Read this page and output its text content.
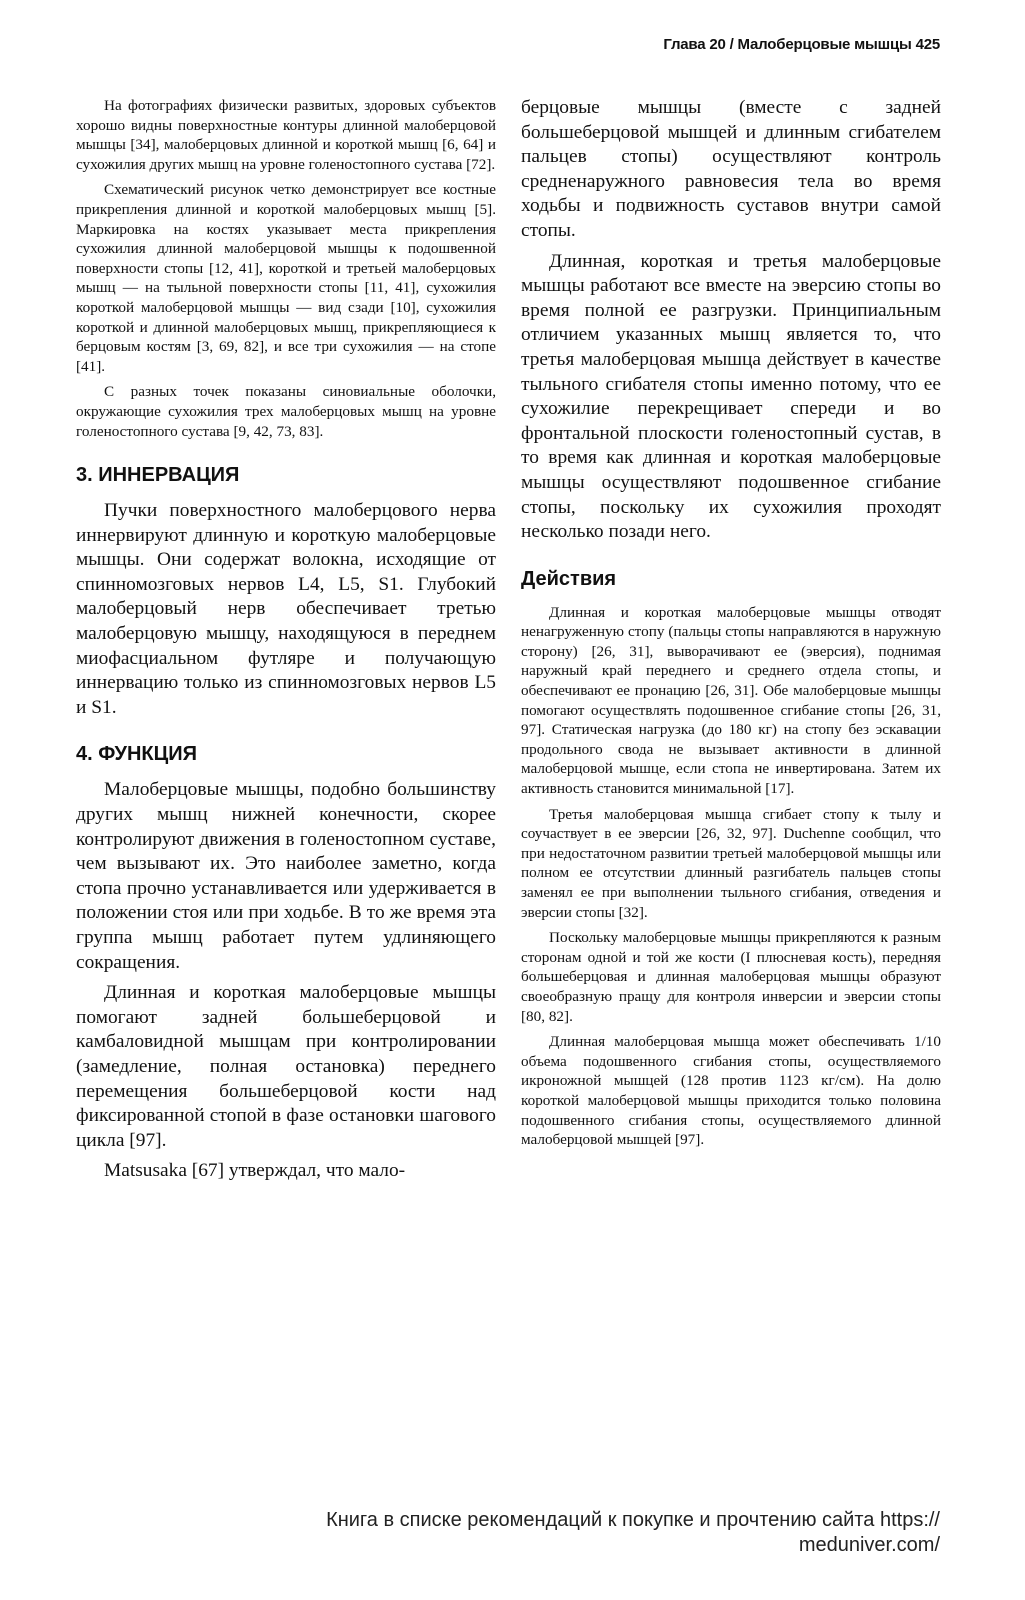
Глава 20 / Малоберцовые мышцы 425

На фотографиях физически развитых, здоровых субъектов хорошо видны поверхностные контуры длинной малоберцовой мышцы [34], малоберцовых длинной и короткой мышц [6, 64] и сухожилия других мышц на уровне голеностопного сустава [72].

Схематический рисунок четко демонстрирует все костные прикрепления длинной и короткой малоберцовых мышц [5]. Маркировка на костях указывает места прикрепления сухожилия длинной малоберцовой мышцы к подошвенной поверхности стопы [12, 41], короткой и третьей малоберцовых мышц — на тыльной поверхности стопы [11, 41], сухожилия короткой малоберцовой мышцы — вид сзади [10], сухожилия короткой и длинной малоберцовых мышц, прикрепляющиеся к берцовым костям [3, 69, 82], и все три сухожилия — на стопе [41].

С разных точек показаны синовиальные оболочки, окружающие сухожилия трех малоберцовых мышц на уровне голеностопного сустава [9, 42, 73, 83].

3. ИННЕРВАЦИЯ

Пучки поверхностного малоберцового нерва иннервируют длинную и короткую малоберцовые мышцы. Они содержат волокна, исходящие от спинномозговых нервов L4, L5, S1. Глубокий малоберцовый нерв обеспечивает третью малоберцовую мышцу, находящуюся в переднем миофасциальном футляре и получающую иннервацию только из спинномозговых нервов L5 и S1.

4. ФУНКЦИЯ

Малоберцовые мышцы, подобно большинству других мышц нижней конечности, скорее контролируют движения в голеностопном суставе, чем вызывают их. Это наиболее заметно, когда стопа прочно устанавливается или удерживается в положении стоя или при ходьбе. В то же время эта группа мышц работает путем удлиняющего сокращения.

Длинная и короткая малоберцовые мышцы помогают задней большеберцовой и камбаловидной мышцам при контролировании (замедление, полная остановка) переднего перемещения большеберцовой кости над фиксированной стопой в фазе остановки шагового цикла [97].

Matsusaka [67] утверждал, что мало-

берцовые мышцы (вместе с задней большеберцовой мышцей и длинным сгибателем пальцев стопы) осуществляют контроль средненаружного равновесия тела во время ходьбы и подвижность суставов внутри самой стопы.

Длинная, короткая и третья малоберцовые мышцы работают все вместе на эверсию стопы во время полной ее разгрузки. Принципиальным отличием указанных мышц является то, что третья малоберцовая мышца действует в качестве тыльного сгибателя стопы именно потому, что ее сухожилие перекрещивает спереди и во фронтальной плоскости голеностопный сустав, в то время как длинная и короткая малоберцовые мышцы осуществляют подошвенное сгибание стопы, поскольку их сухожилия проходят несколько позади него.

Действия

Длинная и короткая малоберцовые мышцы отводят ненагруженную стопу (пальцы стопы направляются в наружную сторону) [26, 31], выворачивают ее (эверсия), поднимая наружный край переднего и среднего отдела стопы, и обеспечивают ее пронацию [26, 31]. Обе малоберцовые мышцы помогают осуществлять подошвенное сгибание стопы [26, 31, 97]. Статическая нагрузка (до 180 кг) на стопу без эскавации продольного свода не вызывает активности в длинной малоберцовой мышце, если стопа не инвертирована. Затем их активность становится минимальной [17].

Третья малоберцовая мышца сгибает стопу к тылу и соучаствует в ее эверсии [26, 32, 97]. Duchenne сообщил, что при недостаточном развитии третьей малоберцовой мышцы или полном ее отсутствии длинный разгибатель пальцев стопы заменял ее при выполнении тыльного сгибания, отведения и эверсии стопы [32].

Поскольку малоберцовые мышцы прикрепляются к разным сторонам одной и той же кости (I плюсневая кость), передняя большеберцовая и длинная малоберцовая мышцы образуют своеобразную пращу для контроля инверсии и эверсии стопы [80, 82].

Длинная малоберцовая мышца может обеспечивать 1/10 объема подошвенного сгибания стопы, осуществляемого икроножной мышцей (128 против 1123 кг/см). На долю короткой малоберцовой мышцы приходится только половина подошвенного сгибания стопы, осуществляемого длинной малоберцовой мышцей [97].

Книга в списке рекомендаций к покупке и прочтению сайта https://
meduniver.com/
